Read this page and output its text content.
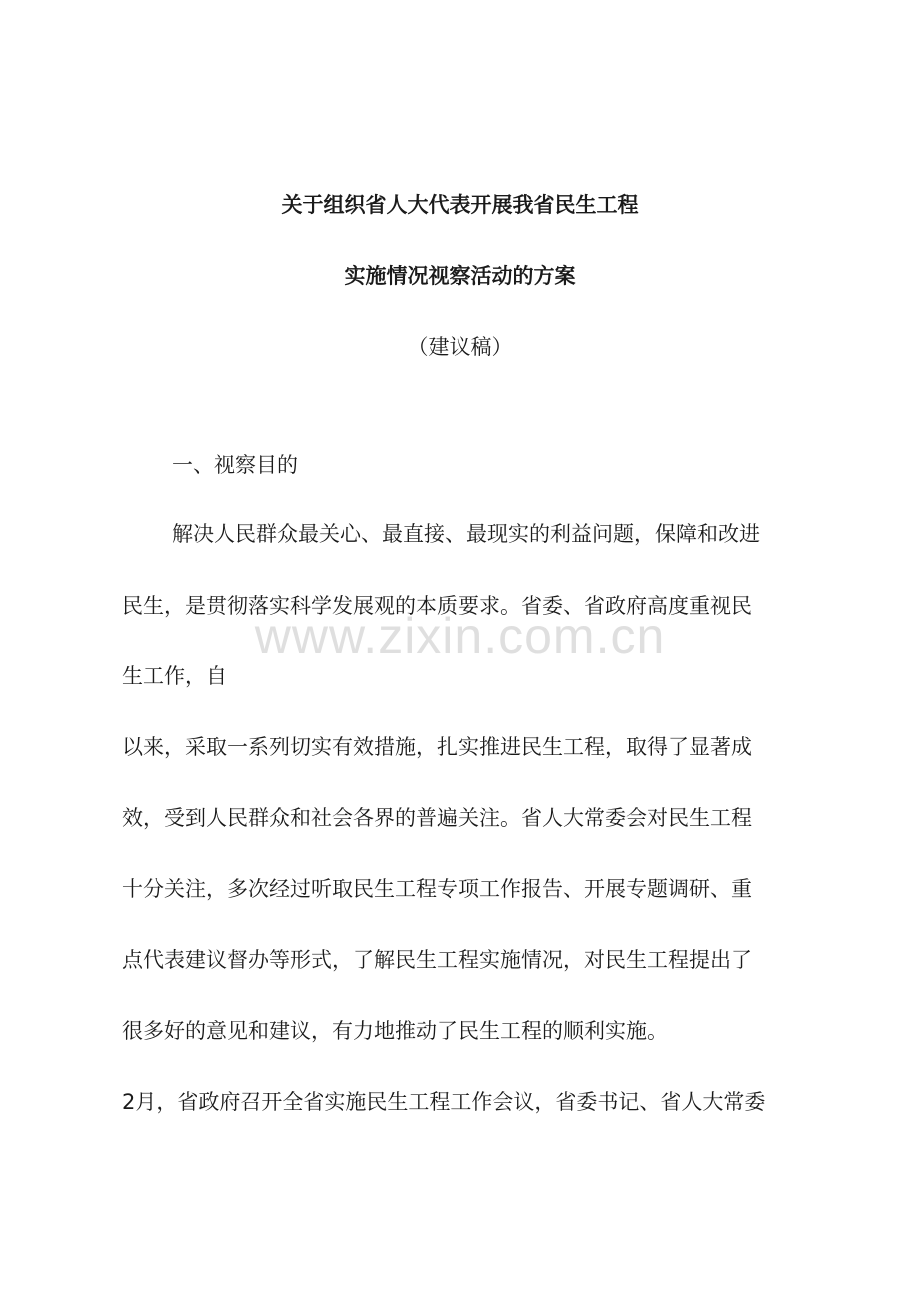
关于组织省人大代表开展我省民生工程
实施情况视察活动的方案
（建议稿）
一、视察目的
解决人民群众最关心、最直接、最现实的利益问题，保障和改进
民生，是贯彻落实科学发展观的本质要求。省委、省政府高度重视民
生工作，自
以来，采取一系列切实有效措施，扎实推进民生工程，取得了显著成
效，受到人民群众和社会各界的普遍关注。省人大常委会对民生工程
十分关注，多次经过听取民生工程专项工作报告、开展专题调研、重
点代表建议督办等形式，了解民生工程实施情况，对民生工程提出了
很多好的意见和建议，有力地推动了民生工程的顺利实施。
2月，省政府召开全省实施民生工程工作会议，省委书记、省人大常委
www.zixin.com.cn
